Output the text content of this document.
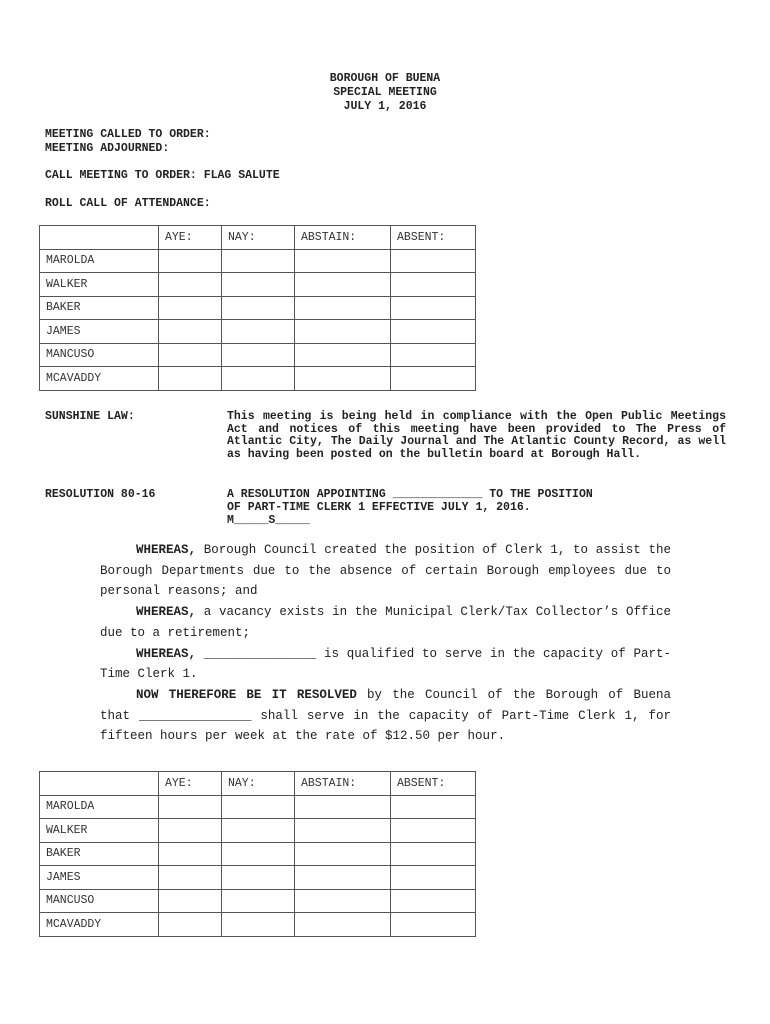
BOROUGH OF BUENA
SPECIAL MEETING
JULY 1, 2016
MEETING CALLED TO ORDER:
MEETING ADJOURNED:
CALL MEETING TO ORDER: FLAG SALUTE
ROLL CALL OF ATTENDANCE:
	AYE:	NAY:	ABSTAIN:	ABSENT:
MAROLDA				
WALKER				
BAKER				
JAMES				
MANCUSO				
MCAVADDY				
SUNSHINE LAW:	This meeting is being held in compliance with the Open Public Meetings Act and notices of this meeting have been provided to The Press of Atlantic City, The Daily Journal and The Atlantic County Record, as well as having been posted on the bulletin board at Borough Hall.
RESOLUTION 80-16	A RESOLUTION APPOINTING _____________ TO THE POSITION
OF PART-TIME CLERK 1 EFFECTIVE JULY 1, 2016.
M_____S_____

WHEREAS, Borough Council created the position of Clerk 1, to assist the Borough Departments due to the absence of certain Borough employees due to personal reasons; and

WHEREAS, a vacancy exists in the Municipal Clerk/Tax Collector’s Office due to a retirement;

WHEREAS, _______________ is qualified to serve in the capacity of Part-Time Clerk 1.

NOW THEREFORE BE IT RESOLVED by the Council of the Borough of Buena that _______________ shall serve in the capacity of Part-Time Clerk 1, for fifteen hours per week at the rate of $12.50 per hour.

	AYE:	NAY:	ABSTAIN:	ABSENT:
MAROLDA				
WALKER				
BAKER				
JAMES				
MANCUSO				
MCAVADDY				
